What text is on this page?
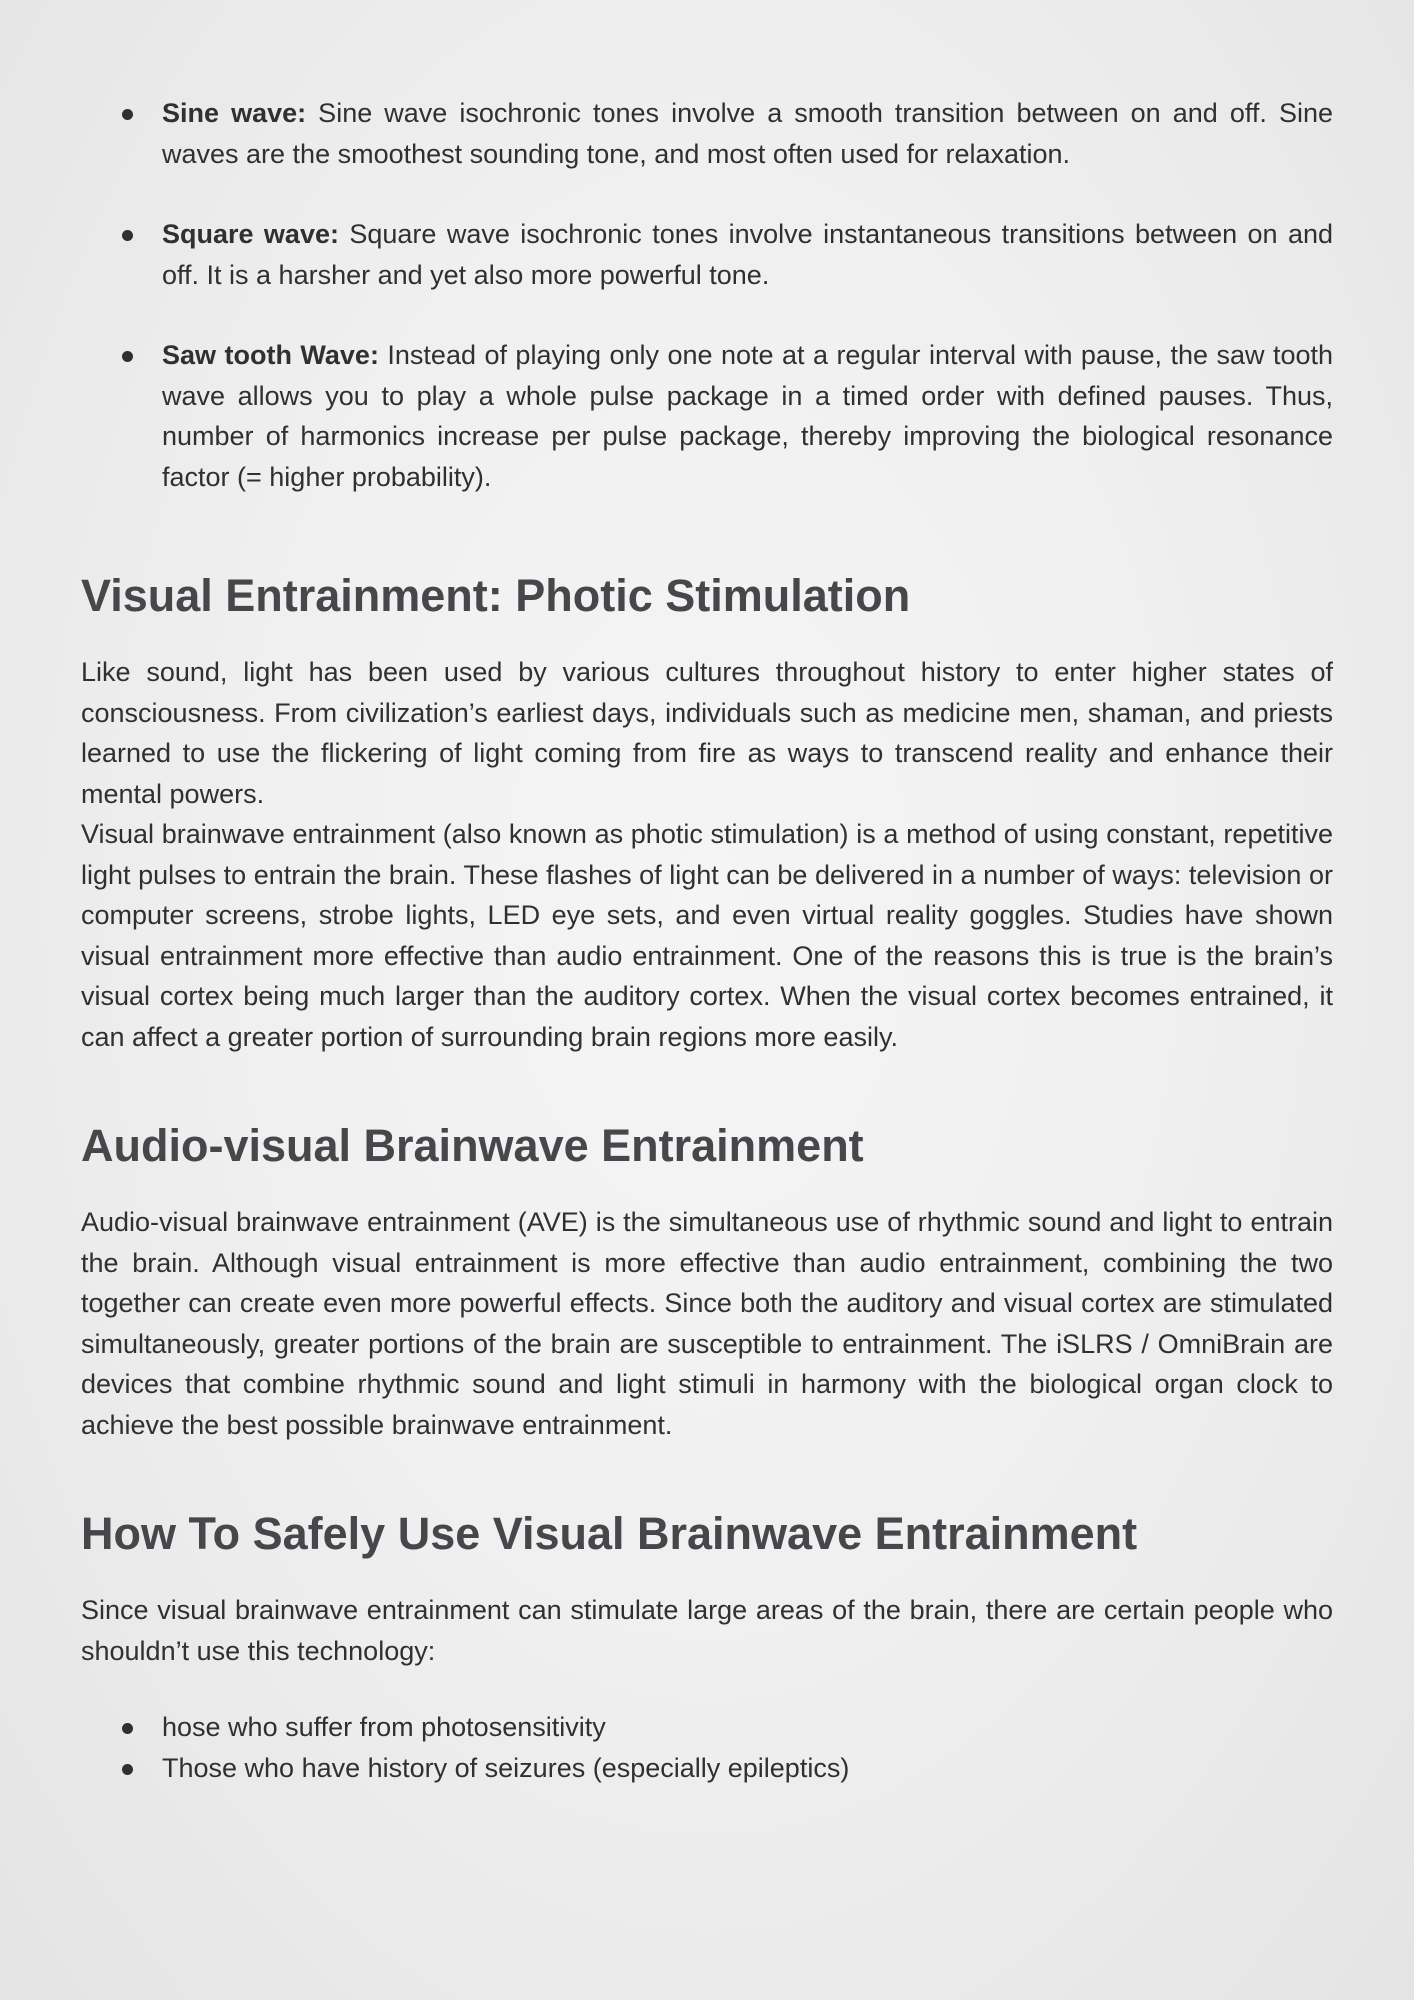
Sine wave: Sine wave isochronic tones involve a smooth transition between on and off. Sine waves are the smoothest sounding tone, and most often used for relaxation.
Square wave: Square wave isochronic tones involve instantaneous transitions between on and off. It is a harsher and yet also more powerful tone.
Saw tooth Wave: Instead of playing only one note at a regular interval with pause, the saw tooth wave allows you to play a whole pulse package in a timed order with defined pauses. Thus, number of harmonics increase per pulse package, thereby improving the biological resonance factor (= higher probability).
Visual Entrainment: Photic Stimulation

Like sound, light has been used by various cultures throughout history to enter higher states of consciousness. From civilization’s earliest days, individuals such as medicine men, shaman, and priests learned to use the flickering of light coming from fire as ways to transcend reality and enhance their mental powers.

Visual brainwave entrainment (also known as photic stimulation) is a method of using constant, repetitive light pulses to entrain the brain. These flashes of light can be delivered in a number of ways: television or computer screens, strobe lights, LED eye sets, and even virtual reality goggles. Studies have shown visual entrainment more effective than audio entrainment. One of the reasons this is true is the brain’s visual cortex being much larger than the auditory cortex. When the visual cortex becomes entrained, it can affect a greater portion of surrounding brain regions more easily.

Audio-visual Brainwave Entrainment

Audio-visual brainwave entrainment (AVE) is the simultaneous use of rhythmic sound and light to entrain the brain. Although visual entrainment is more effective than audio entrainment, combining the two together can create even more powerful effects. Since both the auditory and visual cortex are stimulated simultaneously, greater portions of the brain are susceptible to entrainment. The iSLRS / OmniBrain are devices that combine rhythmic sound and light stimuli in harmony with the biological organ clock to achieve the best possible brainwave entrainment.

How To Safely Use Visual Brainwave Entrainment

Since visual brainwave entrainment can stimulate large areas of the brain, there are certain people who shouldn’t use this technology:

hose who suffer from photosensitivity
Those who have history of seizures (especially epileptics)
